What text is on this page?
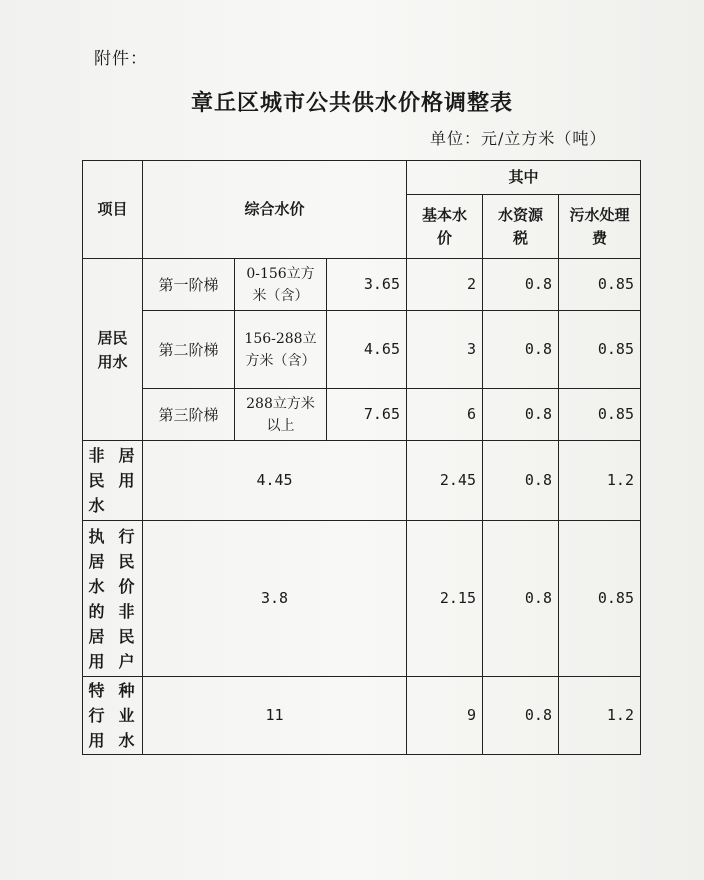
附件：
章丘区城市公共供水价格调整表
单位：元/立方米（吨）
项目	综合水价			其中		

				基本水价	水资源税	污水处理费

居民用水	第一阶梯	0-156立方米（含）	3.65	2	0.8	0.85
	第二阶梯	156-288立方米（含）	4.65	3	0.8	0.85
	第三阶梯	288立方米以上	7.65	6	0.8	0.85
非居民用水	4.45			2.45	0.8	1.2
执行居民水价的非居民用户	3.8			2.15	0.8	0.85
特种行业用水	11			9	0.8	1.2
